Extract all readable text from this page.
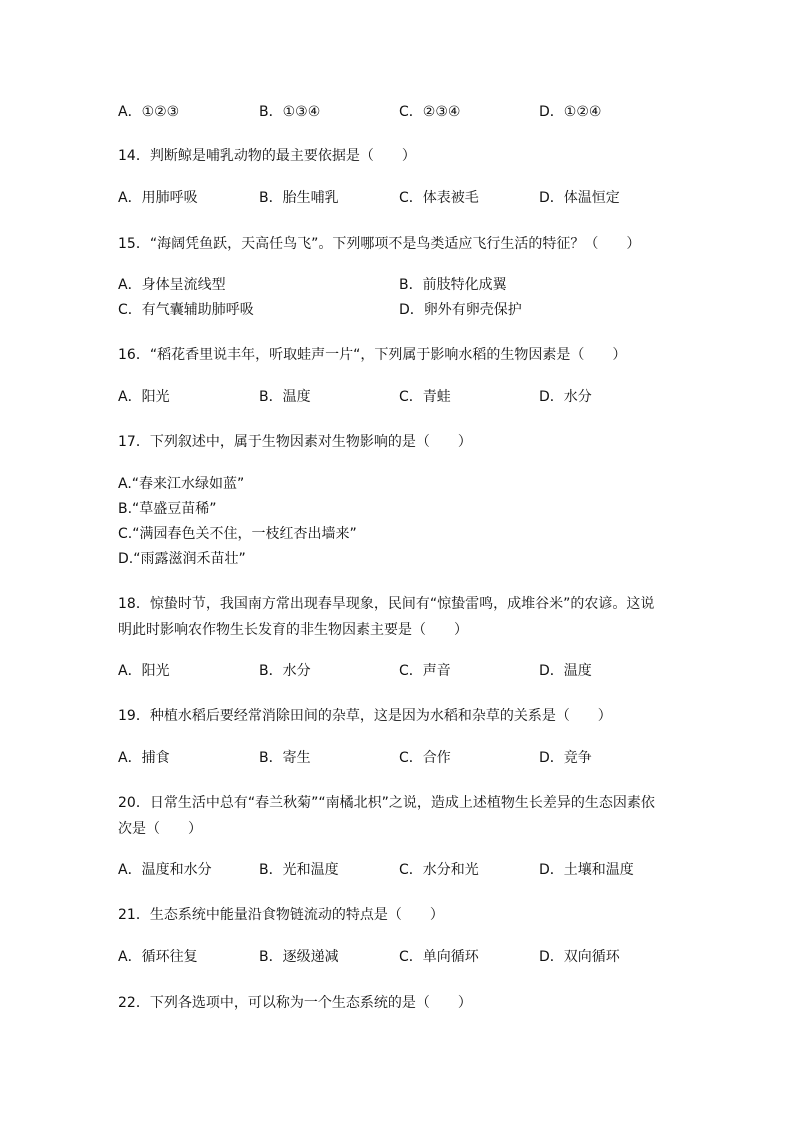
A．①②③	B．①③④	C．②③④	D．①②④
14．判断鲸是哺乳动物的最主要依据是（　　）
A．用肺呼吸	B．胎生哺乳	C．体表被毛	D．体温恒定
15．“海阔凭鱼跃，天高任鸟飞”。下列哪项不是鸟类适应飞行生活的特征？（　　）
A．身体呈流线型	B．前肢特化成翼
C．有气囊辅助肺呼吸	D．卵外有卵壳保护
16．“稻花香里说丰年，听取蛙声一片“，下列属于影响水稻的生物因素是（　　）
A．阳光	B．温度	C．青蛙	D．水分
17．下列叙述中，属于生物因素对生物影响的是（　　）
A.“春来江水绿如蓝”
B.“草盛豆苗稀”
C.“满园春色关不住，一枝红杏出墙来”
D.“雨露滋润禾苗壮”
18．惊蛰时节，我国南方常出现春旱现象，民间有“惊蛰雷鸣，成堆谷米”的农谚。这说
明此时影响农作物生长发育的非生物因素主要是（　　）
A．阳光	B．水分	C．声音	D．温度
19．种植水稻后要经常消除田间的杂草，这是因为水稻和杂草的关系是（　　）
A．捕食	B．寄生	C．合作	D．竞争
20．日常生活中总有“春兰秋菊”“南橘北枳”之说，造成上述植物生长差异的生态因素依
次是（　　）
A．温度和水分	B．光和温度	C．水分和光	D．土壤和温度
21．生态系统中能量沿食物链流动的特点是（　　）
A．循环往复	B．逐级递减	C．单向循环	D．双向循环
22．下列各选项中，可以称为一个生态系统的是（　　）
